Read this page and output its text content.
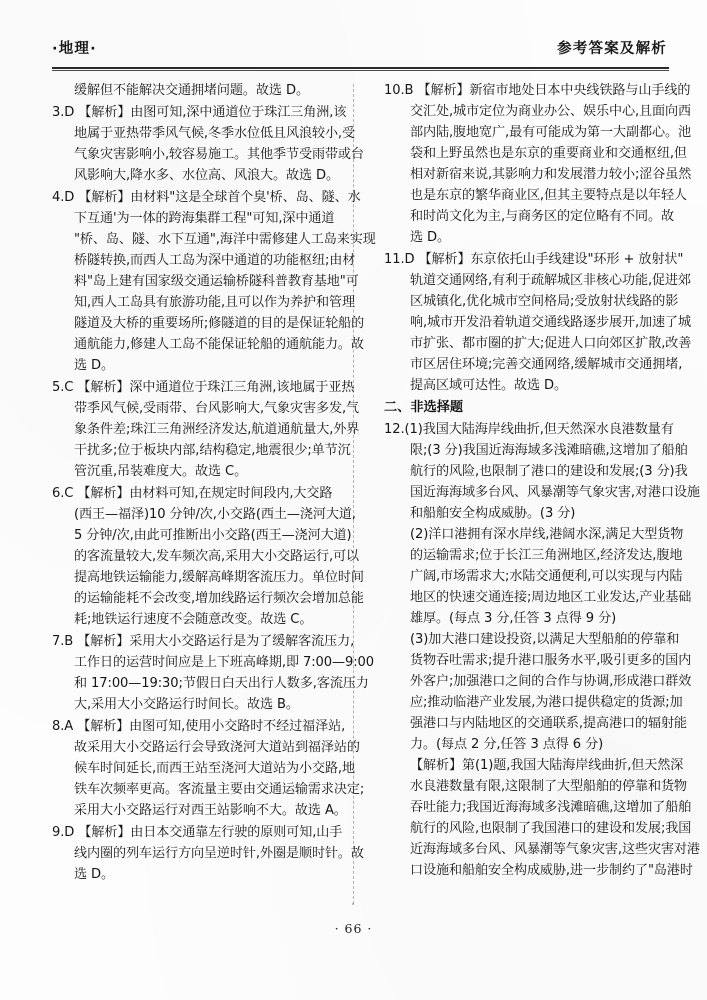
·地理·	参考答案及解析
缓解但不能解决交通拥堵问题。故选 D。
3.D 【解析】由图可知,深中通道位于珠江三角洲,该
地属于亚热带季风气候,冬季水位低且风浪较小,受
气象灾害影响小,较容易施工。其他季节受雨带或台
风影响大,降水多、水位高、风浪大。故选 D。
4.D 【解析】由材料"这是全球首个臭'桥、岛、隧、水
下互通'为一体的跨海集群工程"可知,深中通道
"桥、岛、隧、水下互通",海洋中需修建人工岛来实现
桥隧转换,而西人工岛为深中通道的功能枢纽;由材
料"岛上建有国家级交通运输桥隧科普教育基地"可
知,西人工岛具有旅游功能,且可以作为养护和管理
隧道及大桥的重要场所;修隧道的目的是保证轮船的
通航能力,修建人工岛不能保证轮船的通航能力。故
选 D。
5.C 【解析】深中通道位于珠江三角洲,该地属于亚热
带季风气候,受雨带、台风影响大,气象灾害多发,气
象条件差;珠江三角洲经济发达,航道通航量大,外界
干扰多;位于板块内部,结构稳定,地震很少;单节沉
管沉重,吊装难度大。故选 C。
6.C 【解析】由材料可知,在规定时间段内,大交路
(西王—福泽)10 分钟/次,小交路(西土—浇河大道,
5 分钟/次,由此可推断出小交路(西王—浇河大道)
的客流量较大,发车频次高,采用大小交路运行,可以
提高地铁运输能力,缓解高峰期客流压力。单位时间
的运输能耗不会改变,增加线路运行频次会增加总能
耗;地铁运行速度不会随意改变。故选 C。
7.B 【解析】采用大小交路运行是为了缓解客流压力,
工作日的运营时间应是上下班高峰期,即 7:00—9:00
和 17:00—19:30;节假日白天出行人数多,客流压力
大,采用大小交路运行时间长。故选 B。
8.A 【解析】由图可知,使用小交路时不经过福泽站,
故采用大小交路运行会导致浇河大道站到福泽站的
候车时间延长,而西王站至浇河大道站为小交路,地
铁车次频率更高。客流量主要由交通运输需求决定;
采用大小交路运行对西王站影响不大。故选 A。
9.D 【解析】由日本交通靠左行驶的原则可知,山手
线内圈的列车运行方向呈逆时针,外圈是顺时针。故
选 D。
10.B 【解析】新宿市地处日本中央线铁路与山手线的
交汇处,城市定位为商业办公、娱乐中心,且面向西
部内陆,腹地宽广,最有可能成为第一大副都心。池
袋和上野虽然也是东京的重要商业和交通枢纽,但
相对新宿来说,其影响力和发展潜力较小;涩谷虽然
也是东京的繁华商业区,但其主要特点是以年轻人
和时尚文化为主,与商务区的定位略有不同。故
选 D。
11.D 【解析】东京依托山手线建设"环形 + 放射状"
轨道交通网络,有利于疏解城区非核心功能,促进郊
区城镇化,优化城市空间格局;受放射状线路的影
响,城市开发沿着轨道交通线路逐步展开,加速了城
市扩张、都市圈的扩大;促进人口向郊区扩散,改善
市区居住环境;完善交通网络,缓解城市交通拥堵,
提高区域可达性。故选 D。
二、非选择题
12.(1)我国大陆海岸线曲折,但天然深水良港数量有
限;(3 分)我国近海海域多浅滩暗礁,这增加了船舶
航行的风险,也限制了港口的建设和发展;(3 分)我
国近海海域多台风、风暴潮等气象灾害,对港口设施
和船舶安全构成威胁。(3 分)
(2)洋口港拥有深水岸线,港阔水深,满足大型货物
的运输需求;位于长江三角洲地区,经济发达,腹地
广阔,市场需求大;水陆交通便利,可以实现与内陆
地区的快速交通连接;周边地区工业发达,产业基础
雄厚。(每点 3 分,任答 3 点得 9 分)
(3)加大港口建设投资,以满足大型船舶的停靠和
货物吞吐需求;提升港口服务水平,吸引更多的国内
外客户;加强港口之间的合作与协调,形成港口群效
应;推动临港产业发展,为港口提供稳定的货源;加
强港口与内陆地区的交通联系,提高港口的辐射能
力。(每点 2 分,任答 3 点得 6 分)
【解析】第(1)题,我国大陆海岸线曲折,但天然深
水良港数量有限,这限制了大型船舶的停靠和货物
吞吐能力;我国近海海域多浅滩暗礁,这增加了船舶
航行的风险,也限制了我国港口的建设和发展;我国
近海海域多台风、风暴潮等气象灾害,这些灾害对港
口设施和船舶安全构成威胁,进一步制约了"岛港时
· 66 ·
